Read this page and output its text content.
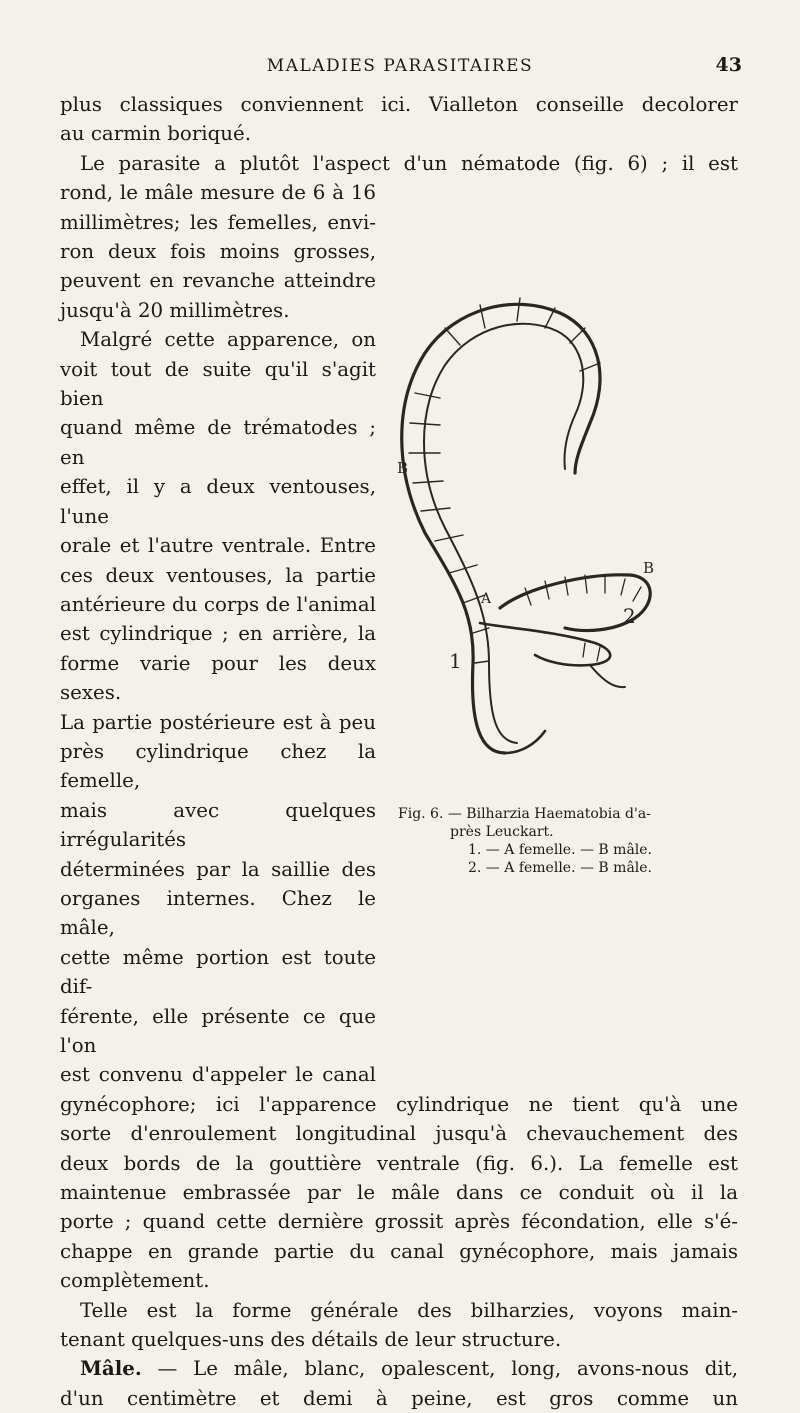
MALADIES PARASITAIRES	43
plus classiques conviennent ici. Vialleton conseille decolorer
au carmin boriqué.
Le parasite a plutôt l'aspect d'un nématode (fig. 6) ; il est
rond, le mâle mesure de 6 à 16
millimètres; les femelles, envi-
ron deux fois moins grosses,
peuvent en revanche atteindre
jusqu'à 20 millimètres.
Malgré cette apparence, on
voit tout de suite qu'il s'agit bien
quand même de trématodes ; en
effet, il y a deux ventouses, l'une
orale et l'autre ventrale. Entre
ces deux ventouses, la partie
antérieure du corps de l'animal
est cylindrique ; en arrière, la
forme varie pour les deux sexes.
La partie postérieure est à peu
près cylindrique chez la femelle,
mais avec quelques irrégularités
déterminées par la saillie des
organes internes. Chez le mâle,
cette même portion est toute dif-
férente, elle présente ce que l'on
est convenu d'appeler le canal
gynécophore; ici l'apparence cylindrique ne tient qu'à une
sorte d'enroulement longitudinal jusqu'à chevauchement des
deux bords de la gouttière ventrale (fig. 6.). La femelle est
maintenue embrassée par le mâle dans ce conduit où il la
porte ; quand cette dernière grossit après fécondation, elle s'é-
chappe en grande partie du canal gynécophore, mais jamais
complètement.
Telle est la forme générale des bilharzies, voyons main-
tenant quelques-uns des détails de leur structure.
Mâle. — Le mâle, blanc, opalescent, long, avons-nous dit,
d'un centimètre et demi à peine, est gros comme un
B
A
B
1
2
Fig. 6. — Bilharzia Haematobia d'a-
près Leuckart.
1. — A femelle. — B mâle.
2. — A femelle. — B mâle.
